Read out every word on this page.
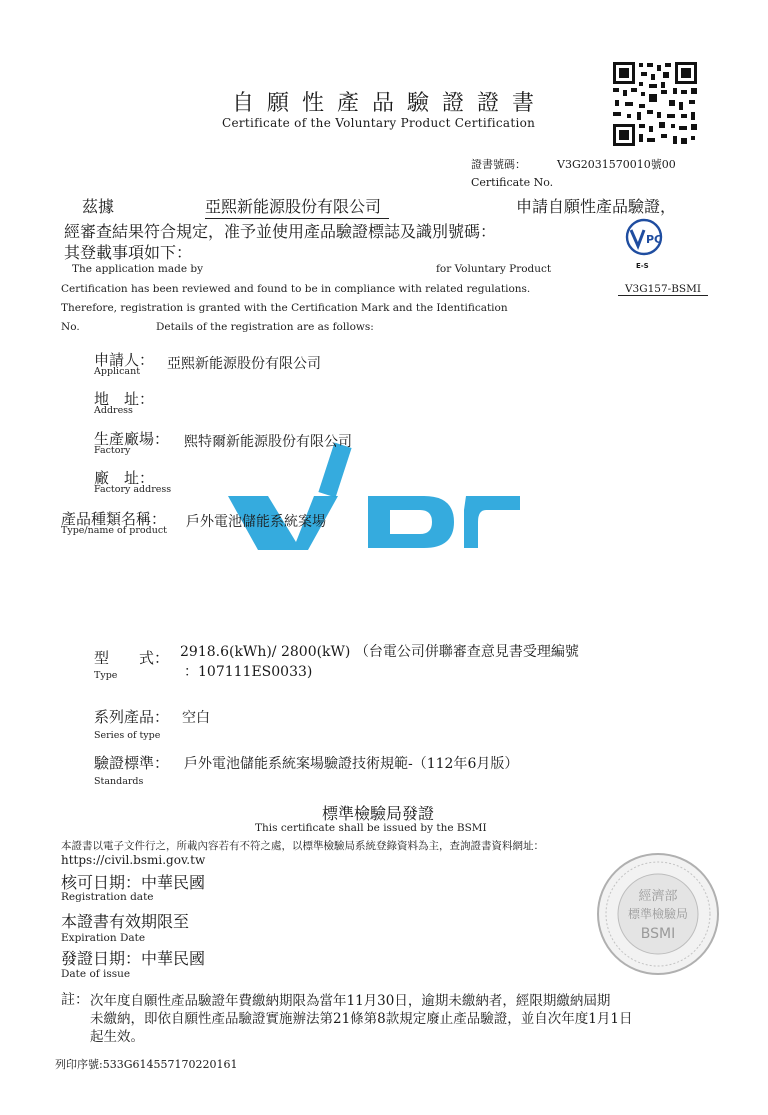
自願性產品驗證證書
Certificate of the Voluntary Product Certification
證書號碼：	V3G2031570010號00
Certificate No.
茲據	亞熙新能源股份有限公司	申請自願性產品驗證，
經審查結果符合規定，准予並使用產品驗證標誌及識別號碼：
其登載事項如下：
PC
E-S
V3G157-BSMI
The application made by	for Voluntary Product
Certification has been reviewed and found to be in compliance with related regulations.
Therefore, registration is granted with the Certification Mark and the Identification
No.	Details of the registration are as follows:
申請人：
Applicant 亞熙新能源股份有限公司
地　址：
Address
生產廠場：
Factory
熙特爾新能源股份有限公司
廠　址：
Factory address
產品種類名稱：
Type/name of product
戶外電池儲能系統案場
型　　式：
Type
2918.6(kWh)/ 2800(kW) （台電公司併聯審查意見書受理編號
：107111ES0033)
系列產品： 空白
Series of type
驗證標準： 戶外電池儲能系統案場驗證技術規範-（112年6月版）
Standards
標準檢驗局發證
This certificate shall be issued by the BSMI
本證書以電子文件行之，所載內容若有不符之處，以標準檢驗局系統登錄資料為主，查詢證書資料網址：
https://civil.bsmi.gov.tw
核可日期：中華民國
Registration date
本證書有效期限至
Expiration Date
發證日期：中華民國
Date of issue
經濟部
標準檢驗局
BSMI
註： 次年度自願性產品驗證年費繳納期限為當年11月30日，逾期未繳納者，經限期繳納屆期
未繳納，即依自願性產品驗證實施辦法第21條第8款規定廢止產品驗證，並自次年度1月1日
起生效。
列印序號:533G614557170220161
